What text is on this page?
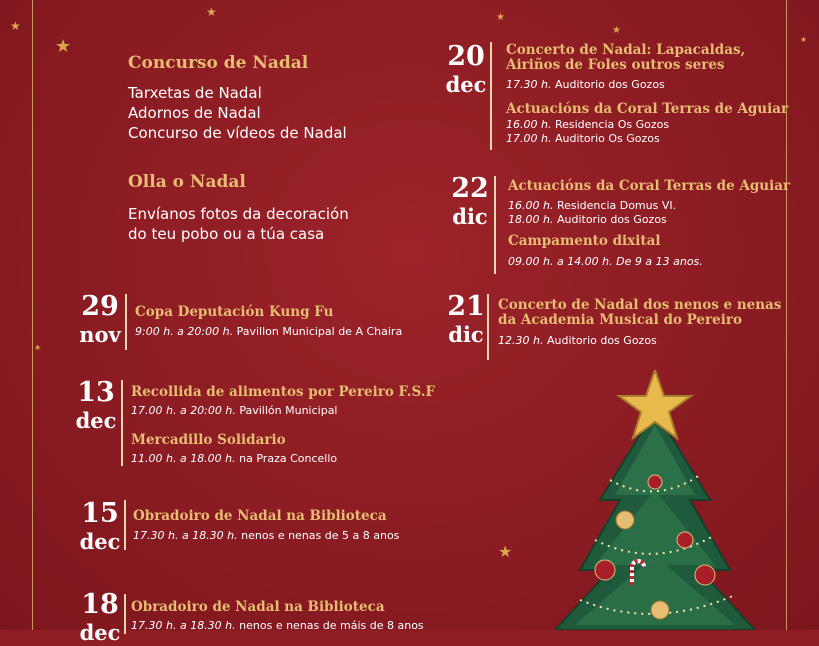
★
★
★	★
★
★
★
★
Concurso de Nadal
Tarxetas de Nadal
Adornos de Nadal
Concurso de vídeos de Nadal
Olla o Nadal
Envíanos fotos da decoración
do teu pobo ou a túa casa
29
nov
Copa Deputación Kung Fu
9:00 h. a 20:00 h. Pavillon Municipal de A Chaira
13
dec
Recollida de alimentos por Pereiro F.S.F
17.00 h. a 20:00 h. Pavillón Municipal
Mercadillo Solidario
11.00 h. a 18.00 h. na Praza Concello
15
dec
Obradoiro de Nadal na Biblioteca
17.30 h. a 18.30 h. nenos e nenas de 5 a 8 anos
18
dec
Obradoiro de Nadal na Biblioteca
17.30 h. a 18.30 h. nenos e nenas de máis de 8 anos
20
dec
Concerto de Nadal: Lapacaldas,
Airiños de Foles outros seres
17.30 h. Auditorio dos Gozos
Actuacións da Coral Terras de Aguiar
16.00 h. Residencia Os Gozos
17.00 h. Auditorio Os Gozos
22
dic
Actuacións da Coral Terras de Aguiar
16.00 h. Residencia Domus VI.
18.00 h. Auditorio dos Gozos
Campamento dixital
09.00 h. a 14.00 h. De 9 a 13 anos.
21
dic
Concerto de Nadal dos nenos e nenas
da Academia Musical do Pereiro
12.30 h. Auditorio dos Gozos
